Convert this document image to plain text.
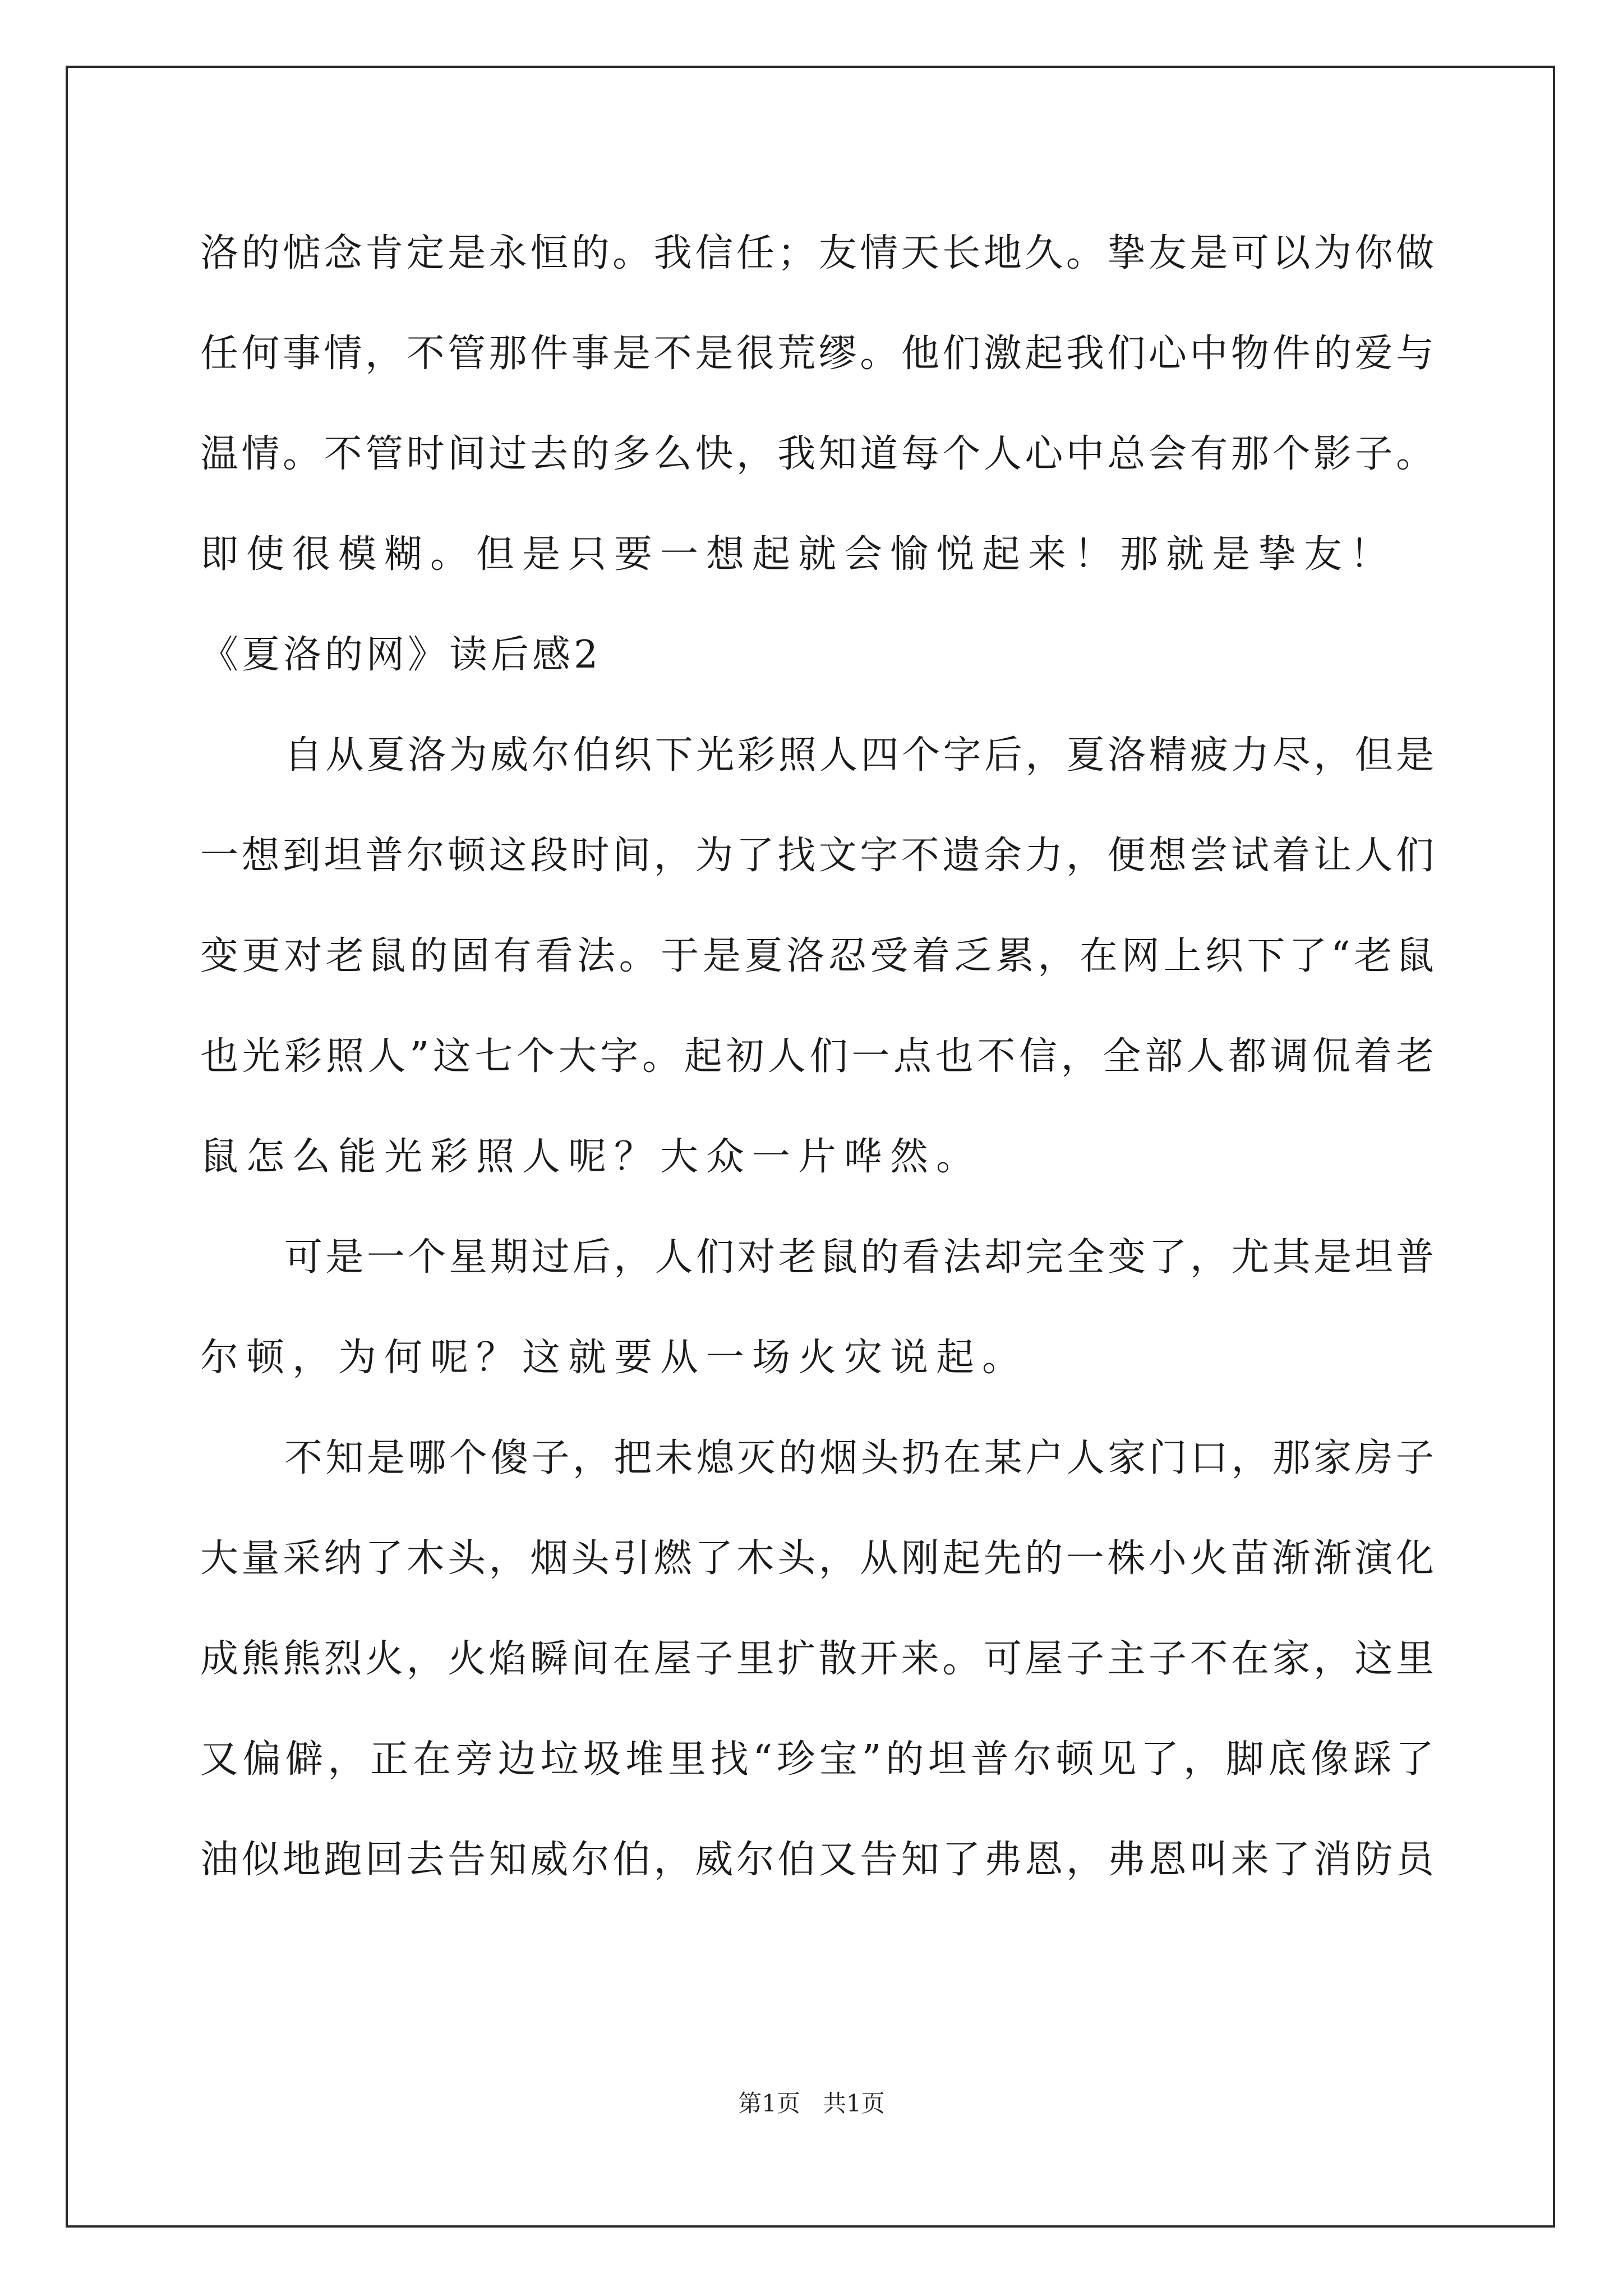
洛的惦念肯定是永恒的。我信任；友情天长地久。挚友是可以为你做
任何事情，不管那件事是不是很荒缪。他们激起我们心中物件的爱与
温情。不管时间过去的多么快，我知道每个人心中总会有那个影子。
即使很模糊。但是只要一想起就会愉悦起来！那就是挚友！
《夏洛的网》读后感2
自从夏洛为威尔伯织下光彩照人四个字后，夏洛精疲力尽，但是
一想到坦普尔顿这段时间，为了找文字不遗余力，便想尝试着让人们
变更对老鼠的固有看法。于是夏洛忍受着乏累，在网上织下了“老鼠
也光彩照人”这七个大字。起初人们一点也不信，全部人都调侃着老
鼠怎么能光彩照人呢？大众一片哗然。
可是一个星期过后，人们对老鼠的看法却完全变了，尤其是坦普
尔顿，为何呢？这就要从一场火灾说起。
不知是哪个傻子，把未熄灭的烟头扔在某户人家门口，那家房子
大量采纳了木头，烟头引燃了木头，从刚起先的一株小火苗渐渐演化
成熊熊烈火，火焰瞬间在屋子里扩散开来。可屋子主子不在家，这里
又偏僻，正在旁边垃圾堆里找“珍宝”的坦普尔顿见了，脚底像踩了
油似地跑回去告知威尔伯，威尔伯又告知了弗恩，弗恩叫来了消防员
第1页   共1页
